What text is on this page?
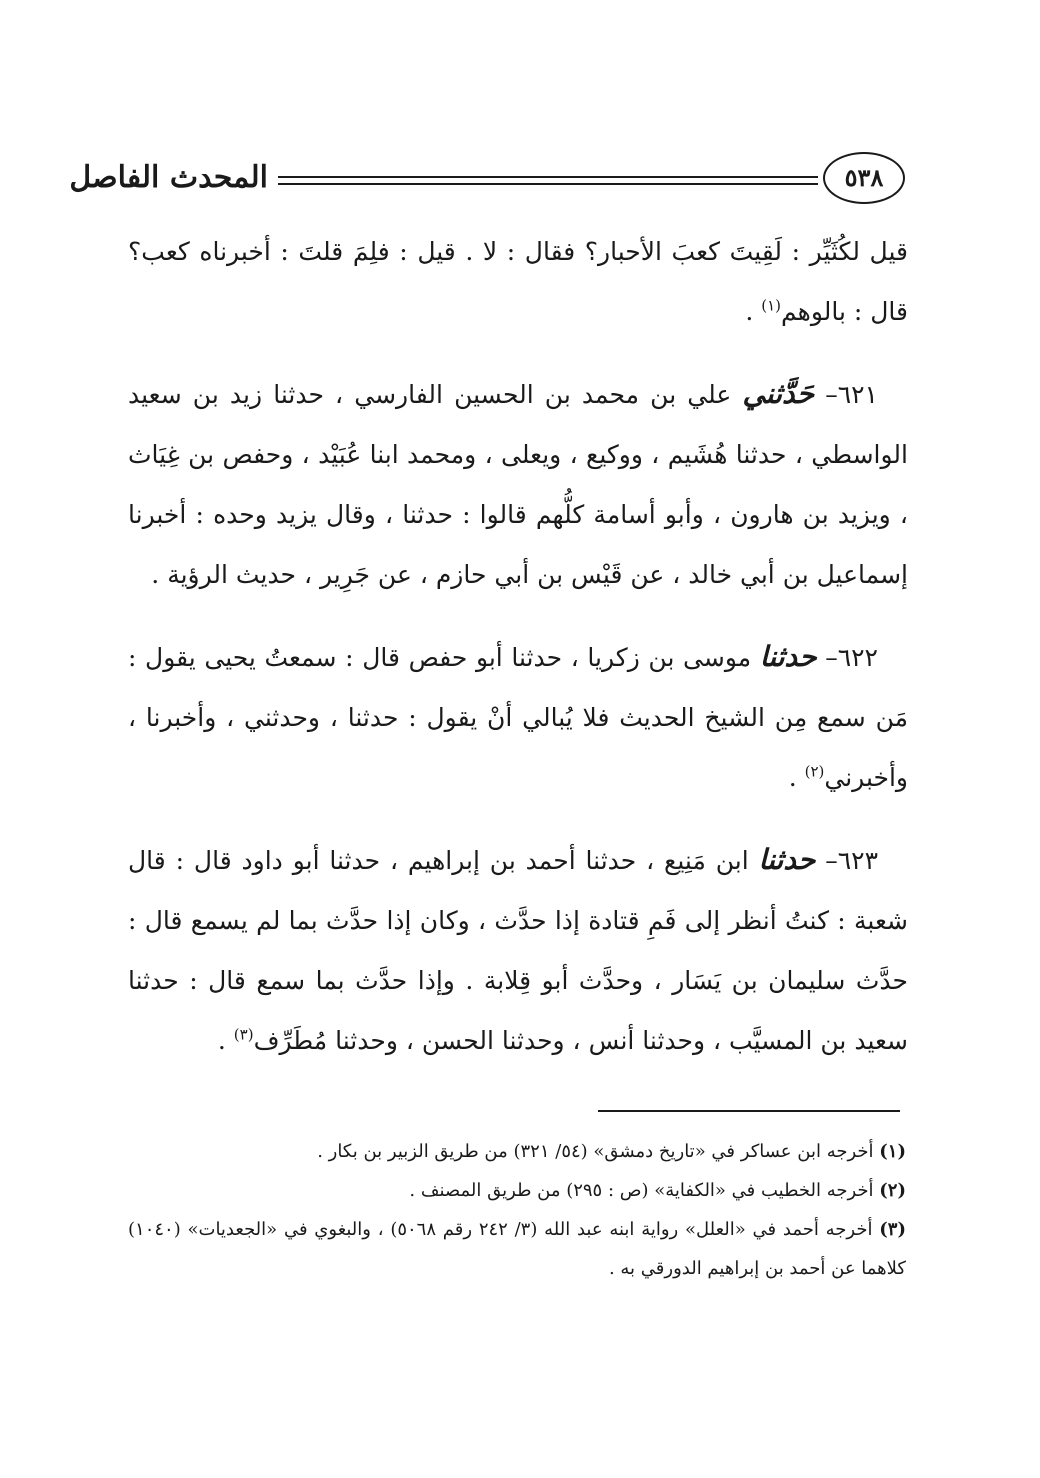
المحدث الفاصل	٥٣٨

قيل لكُثَيِّر : لَقِيتَ كعبَ الأحبار؟ فقال : لا . قيل : فلِمَ قلتَ : أخبرناه كعب؟ قال : بالوهم$^{(١)}$ .

٦٢١– حَدَّثني علي بن محمد بن الحسين الفارسي ، حدثنا زيد بن سعيد الواسطي ، حدثنا هُشَيم ، ووكيع ، ويعلى ، ومحمد ابنا عُبَيْد ، وحفص بن غِيَاث ، ويزيد بن هارون ، وأبو أسامة كلُّهم قالوا : حدثنا ، وقال يزيد وحده : أخبرنا إسماعيل بن أبي خالد ، عن قَيْس بن أبي حازم ، عن جَرِير ، حديث الرؤية .

٦٢٢– حدثنا موسى بن زكريا ، حدثنا أبو حفص قال : سمعتُ يحيى يقول : مَن سمع مِن الشيخ الحديث فلا يُبالي أنْ يقول : حدثنا ، وحدثني ، وأخبرنا ، وأخبرني$^{(٢)}$ .

٦٢٣– حدثنا ابن مَنِيع ، حدثنا أحمد بن إبراهيم ، حدثنا أبو داود قال : قال شعبة : كنتُ أنظر إلى فَمِ قتادة إذا حدَّث ، وكان إذا حدَّث بما لم يسمع قال : حدَّث سليمان بن يَسَار ، وحدَّث أبو قِلابة . وإذا حدَّث بما سمع قال : حدثنا سعيد بن المسيَّب ، وحدثنا أنس ، وحدثنا الحسن ، وحدثنا مُطَرِّف$^{(٣)}$ .

(١) أخرجه ابن عساكر في «تاريخ دمشق» (٥٤/ ٣٢١) من طريق الزبير بن بكار .

(٢) أخرجه الخطيب في «الكفاية» (ص : ٢٩٥) من طريق المصنف .

(٣) أخرجه أحمد في «العلل» رواية ابنه عبد الله (٣/ ٢٤٢ رقم ٥٠٦٨) ، والبغوي في «الجعديات» (١٠٤٠) كلاهما عن أحمد بن إبراهيم الدورقي به .
